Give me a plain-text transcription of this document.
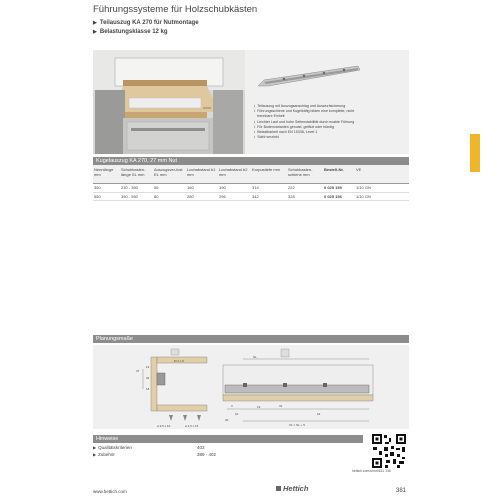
Führungssysteme für Holzschubkästen
▶ Teilauszug KA 270 für Nutmontage
▶ Belastungsklasse 12 kg
• Teilauszug mit Auszugsanschlag und Auswurfsicherung
• Führungsschiene und Kugelkäfig bilden eine komplette, nicht
trennbare Einheit
• Leichter Lauf und hohe Seitenstabilität durch exakte Führung
• Für Bodenvarianten genutzt, gefälzt oder bündig
• Belastbarkeit nach EN 15338, Level 1
• Stahl verzinkt
Kugelauszug KA 270, 27 mm Nut
Nennlänge mm	Schubkasten-länge SL mm	Auszugsver-lust EL mm	Lochabstand b1 mm	Lochabstand b2 mm	Korpustiefe mm	Schubkasten-schiene mm	Bestell-Nr.	VE
350	230 - 350	56	160	190	314	222	0 025 155	1/10 GN
550	350 - 550	80	280	296	342	328	0 025 156	1/10 GN
Planungsmaße
37
13
32
18
M 4 x 6
ø 3,5 x 16	ø 4,5 x 15
SL
13
3
b1	b2
31
20
X1 = NL + 5
Hinweise
▶ Qualitätskriterien	403
▶ Zubehör	389 - 402
hettich.com/short/611 136
www.hettich.com	Hettich	381
